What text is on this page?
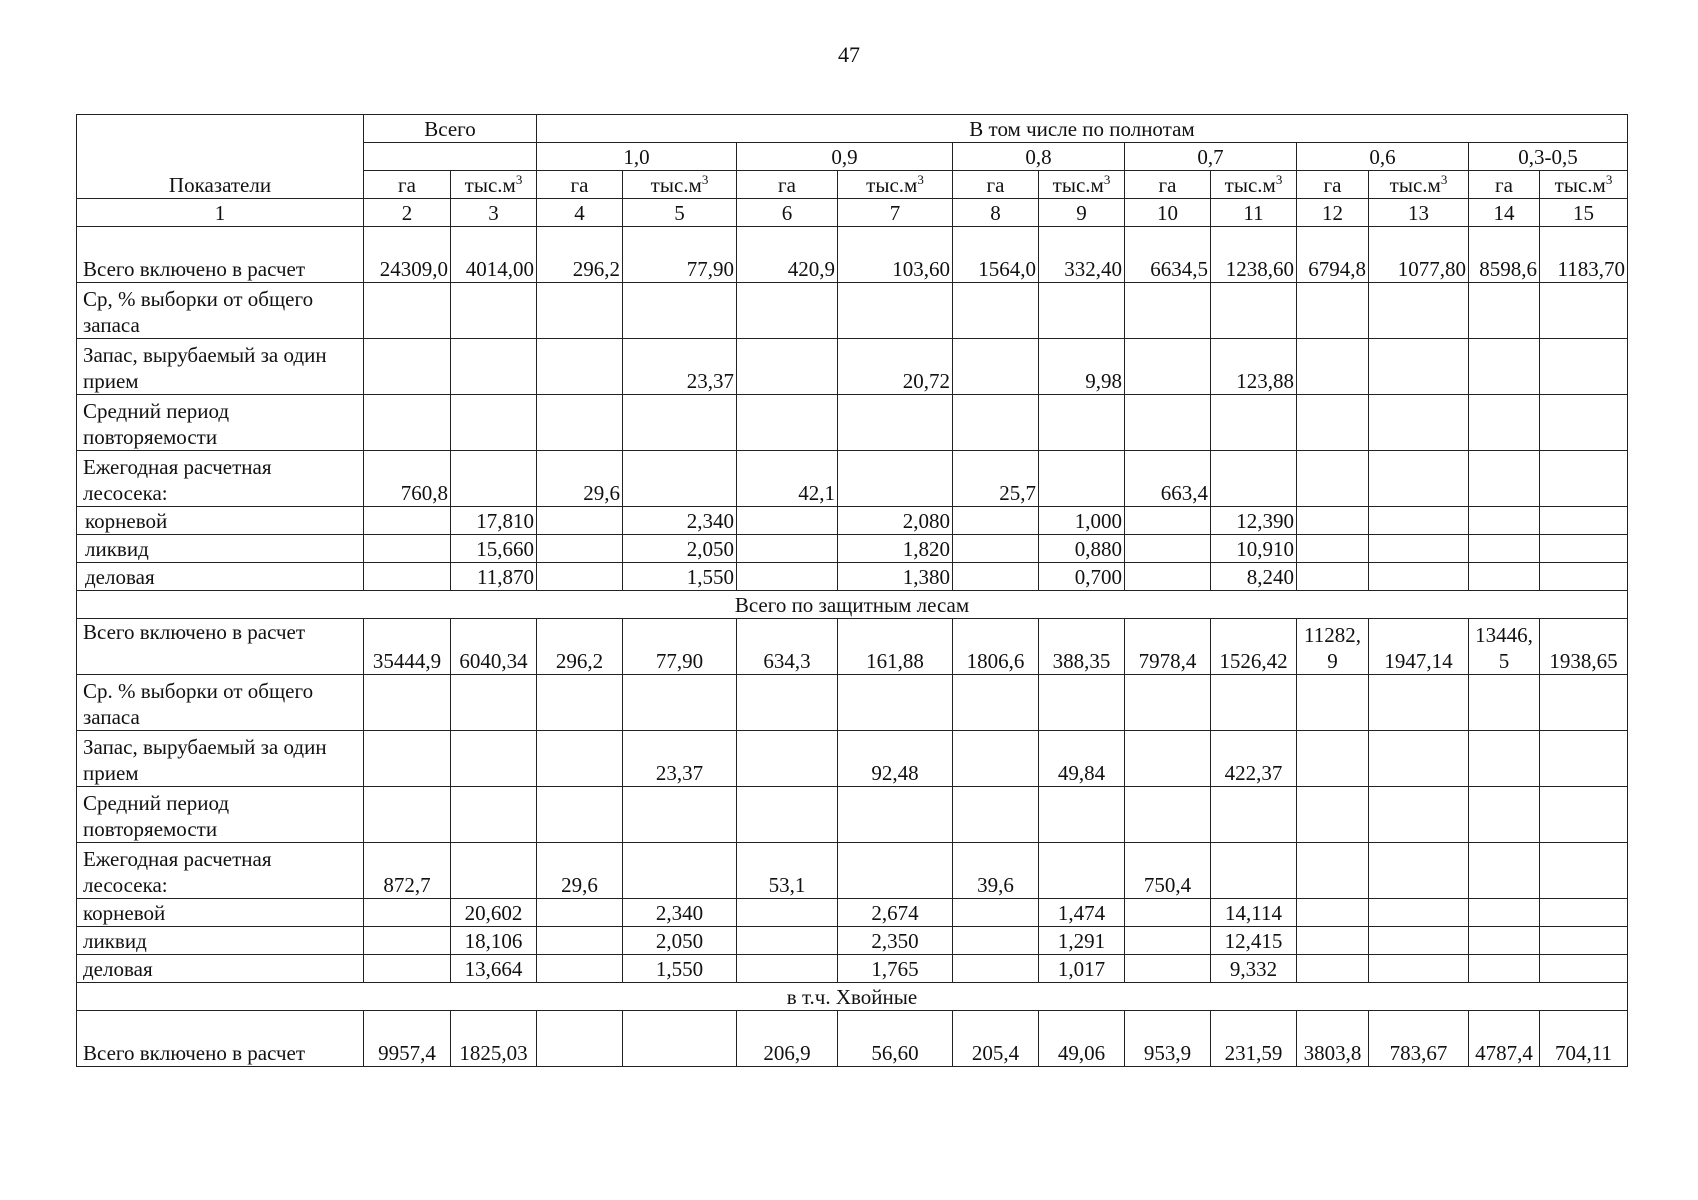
47
Показатели	Всего		В том числе по полнотам											
			1,0		0,9		0,8		0,7		0,6		0,3-0,5	
	га	$тыс.м^3$	га	$тыс.м^3$	га	$тыс.м^3$	га	$тыс.м^3$	га	$тыс.м^3$	га	$тыс.м^3$	га	$тыс.м^3$
1	2	3	4	5	6	7	8	9	10	11	12	13	14	15
Всего включено в расчет	24309,0	4014,00	296,2	77,90	420,9	103,60	1564,0	332,40	6634,5	1238,60	6794,8	1077,80	8598,6	1183,70
Ср, % выборки от общего запаса														
Запас, вырубаемый за один прием				23,37		20,72		9,98		123,88				
Средний период повторяемости														
Ежегодная расчетная лесосека:	760,8		29,6		42,1		25,7		663,4					
корневой		17,810		2,340		2,080		1,000		12,390				
ликвид		15,660		2,050		1,820		0,880		10,910				
деловая		11,870		1,550		1,380		0,700		8,240				
Всего по защитным лесам														
Всего включено в расчет	35444,9	6040,34	296,2	77,90	634,3	161,88	1806,6	388,35	7978,4	1526,42	11282,9	1947,14	13446,5	1938,65
Ср. % выборки от общего запаса														
Запас, вырубаемый за один прием				23,37		92,48		49,84		422,37				
Средний период повторяемости														
Ежегодная расчетная лесосека:	872,7		29,6		53,1		39,6		750,4					
корневой		20,602		2,340		2,674		1,474		14,114				
ликвид		18,106		2,050		2,350		1,291		12,415				
деловая		13,664		1,550		1,765		1,017		9,332				
в т.ч. Хвойные														
Всего включено в расчет	9957,4	1825,03			206,9	56,60	205,4	49,06	953,9	231,59	3803,8	783,67	4787,4	704,11
